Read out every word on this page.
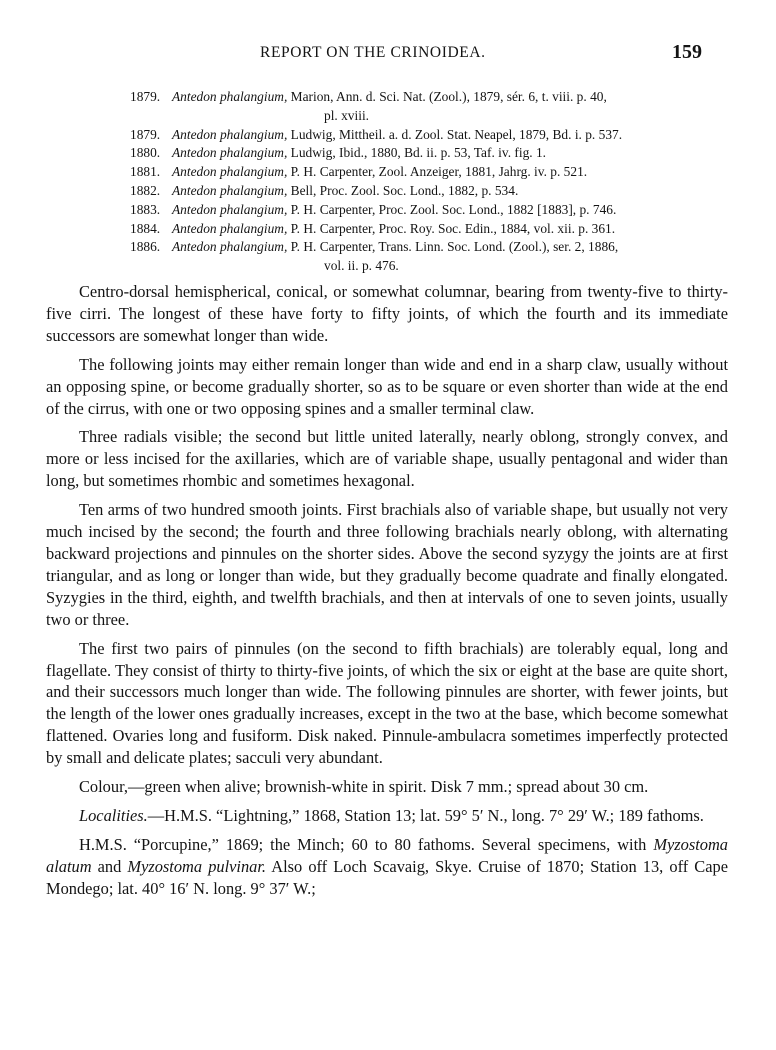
REPORT ON THE CRINOIDEA.	159
1879. Antedon phalangium, Marion, Ann. d. Sci. Nat. (Zool.), 1879, sér. 6, t. viii. p. 40,
pl. xviii.
1879. Antedon phalangium, Ludwig, Mittheil. a. d. Zool. Stat. Neapel, 1879, Bd. i. p. 537.
1880. Antedon phalangium, Ludwig, Ibid., 1880, Bd. ii. p. 53, Taf. iv. fig. 1.
1881. Antedon phalangium, P. H. Carpenter, Zool. Anzeiger, 1881, Jahrg. iv. p. 521.
1882. Antedon phalangium, Bell, Proc. Zool. Soc. Lond., 1882, p. 534.
1883. Antedon phalangium, P. H. Carpenter, Proc. Zool. Soc. Lond., 1882 [1883], p. 746.
1884. Antedon phalangium, P. H. Carpenter, Proc. Roy. Soc. Edin., 1884, vol. xii. p. 361.
1886. Antedon phalangium, P. H. Carpenter, Trans. Linn. Soc. Lond. (Zool.), ser. 2, 1886,
vol. ii. p. 476.

Centro-dorsal hemispherical, conical, or somewhat columnar, bearing from twenty-five to thirty-five cirri. The longest of these have forty to fifty joints, of which the fourth and its immediate successors are somewhat longer than wide.

The following joints may either remain longer than wide and end in a sharp claw, usually without an opposing spine, or become gradually shorter, so as to be square or even shorter than wide at the end of the cirrus, with one or two opposing spines and a smaller terminal claw.

Three radials visible; the second but little united laterally, nearly oblong, strongly convex, and more or less incised for the axillaries, which are of variable shape, usually pentagonal and wider than long, but sometimes rhombic and sometimes hexagonal.

Ten arms of two hundred smooth joints. First brachials also of variable shape, but usually not very much incised by the second; the fourth and three following brachials nearly oblong, with alternating backward projections and pinnules on the shorter sides. Above the second syzygy the joints are at first triangular, and as long or longer than wide, but they gradually become quadrate and finally elongated. Syzygies in the third, eighth, and twelfth brachials, and then at intervals of one to seven joints, usually two or three.

The first two pairs of pinnules (on the second to fifth brachials) are tolerably equal, long and flagellate. They consist of thirty to thirty-five joints, of which the six or eight at the base are quite short, and their successors much longer than wide. The following pinnules are shorter, with fewer joints, but the length of the lower ones gradually increases, except in the two at the base, which become somewhat flattened. Ovaries long and fusiform. Disk naked. Pinnule-ambulacra sometimes imperfectly protected by small and delicate plates; sacculi very abundant.

Colour,—green when alive; brownish-white in spirit. Disk 7 mm.; spread about 30 cm.

Localities.—H.M.S. “Lightning,” 1868, Station 13; lat. 59° 5′ N., long. 7° 29′ W.; 189 fathoms.

H.M.S. “Porcupine,” 1869; the Minch; 60 to 80 fathoms. Several specimens, with Myzostoma alatum and Myzostoma pulvinar. Also off Loch Scavaig, Skye. Cruise of 1870; Station 13, off Cape Mondego; lat. 40° 16′ N. long. 9° 37′ W.;
